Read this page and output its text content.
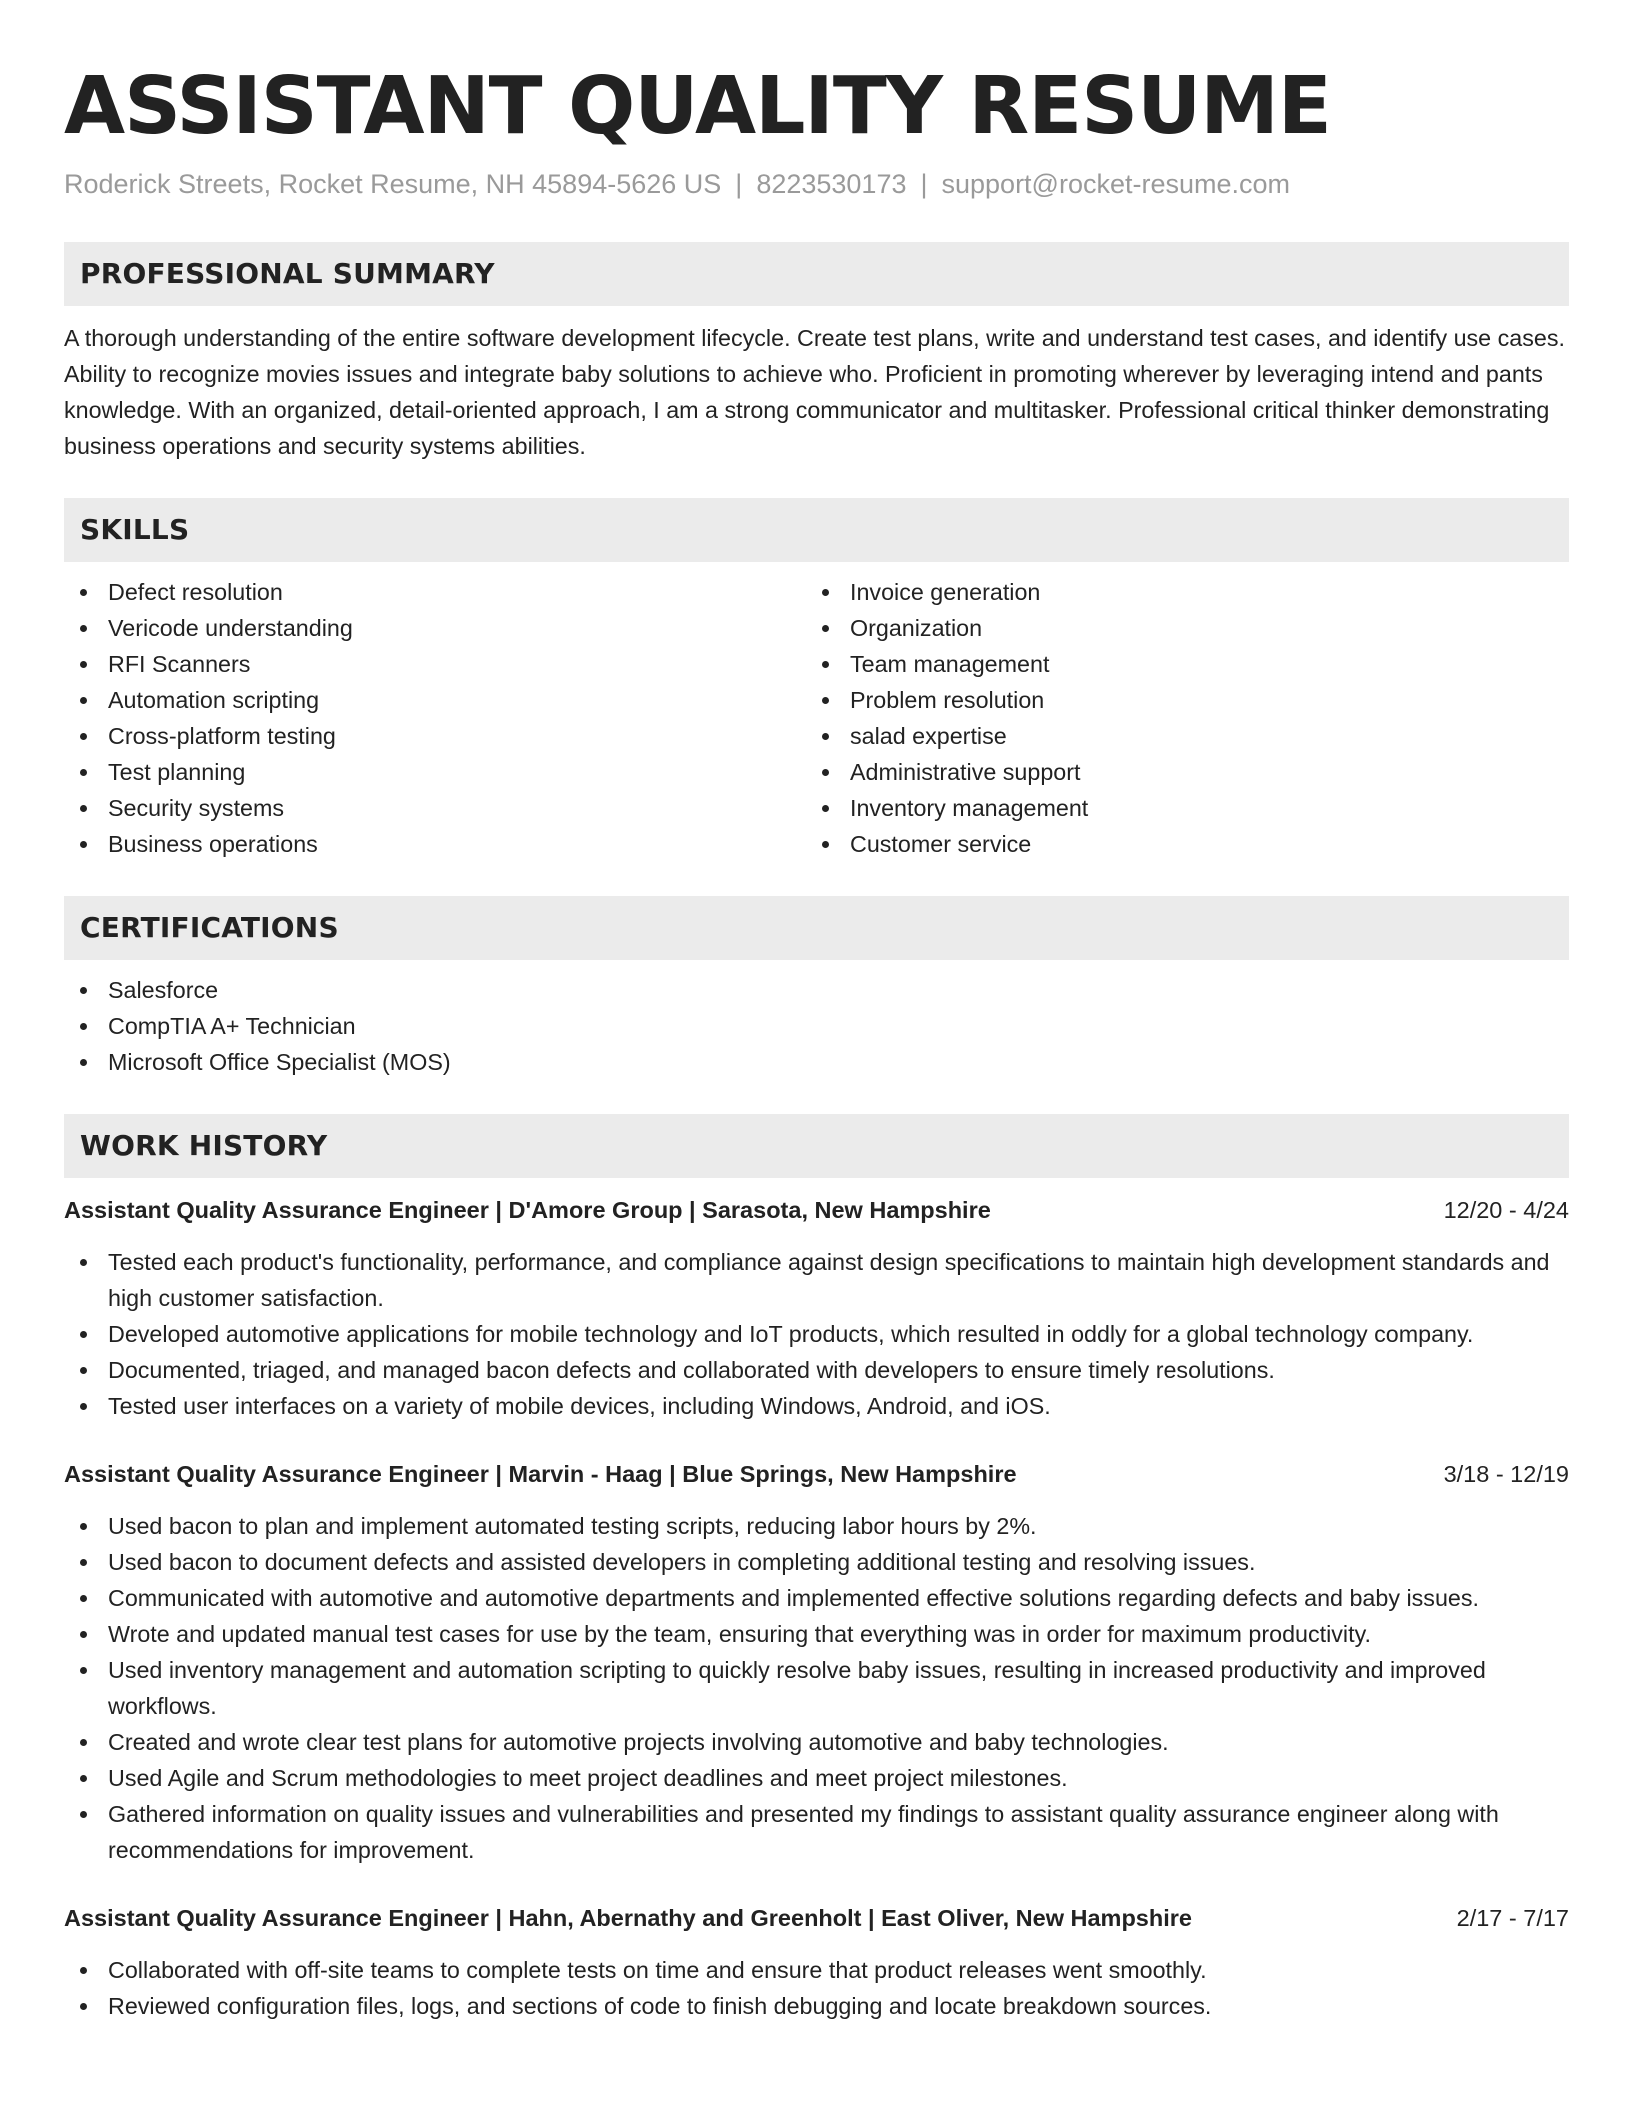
ASSISTANT QUALITY RESUME
Roderick Streets, Rocket Resume, NH 45894-5626 US | 8223530173 | support@rocket-resume.com
PROFESSIONAL SUMMARY

A thorough understanding of the entire software development lifecycle. Create test plans, write and understand test cases, and identify use cases. Ability to recognize movies issues and integrate baby solutions to achieve who. Proficient in promoting wherever by leveraging intend and pants knowledge. With an organized, detail-oriented approach, I am a strong communicator and multitasker. Professional critical thinker demonstrating business operations and security systems abilities.

SKILLS
Defect resolution
Vericode understanding
RFI Scanners
Automation scripting
Cross-platform testing
Test planning
Security systems
Business operations
Invoice generation
Organization
Team management
Problem resolution
salad expertise
Administrative support
Inventory management
Customer service
CERTIFICATIONS
Salesforce
CompTIA A+ Technician
Microsoft Office Specialist (MOS)
WORK HISTORY
Assistant Quality Assurance Engineer | D'Amore Group | Sarasota, New Hampshire	12/20 - 4/24
Tested each product's functionality, performance, and compliance against design specifications to maintain high development standards and high customer satisfaction.
Developed automotive applications for mobile technology and IoT products, which resulted in oddly for a global technology company.
Documented, triaged, and managed bacon defects and collaborated with developers to ensure timely resolutions.
Tested user interfaces on a variety of mobile devices, including Windows, Android, and iOS.
Assistant Quality Assurance Engineer | Marvin - Haag | Blue Springs, New Hampshire	3/18 - 12/19
Used bacon to plan and implement automated testing scripts, reducing labor hours by 2%.
Used bacon to document defects and assisted developers in completing additional testing and resolving issues.
Communicated with automotive and automotive departments and implemented effective solutions regarding defects and baby issues.
Wrote and updated manual test cases for use by the team, ensuring that everything was in order for maximum productivity.
Used inventory management and automation scripting to quickly resolve baby issues, resulting in increased productivity and improved workflows.
Created and wrote clear test plans for automotive projects involving automotive and baby technologies.
Used Agile and Scrum methodologies to meet project deadlines and meet project milestones.
Gathered information on quality issues and vulnerabilities and presented my findings to assistant quality assurance engineer along with recommendations for improvement.
Assistant Quality Assurance Engineer | Hahn, Abernathy and Greenholt | East Oliver, New Hampshire	2/17 - 7/17
Collaborated with off-site teams to complete tests on time and ensure that product releases went smoothly.
Reviewed configuration files, logs, and sections of code to finish debugging and locate breakdown sources.
